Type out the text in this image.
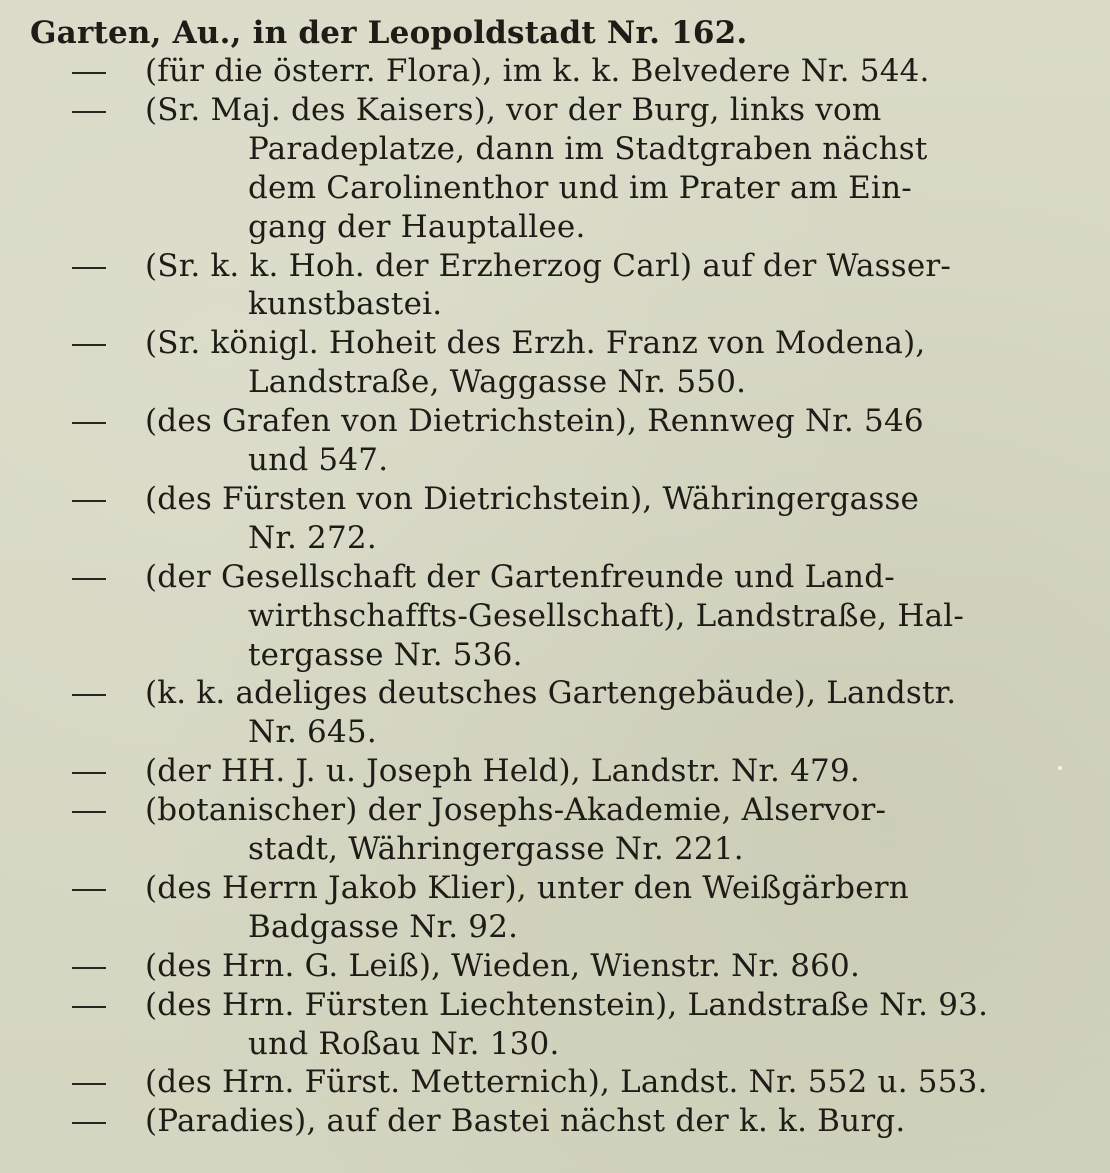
Garten, Au., in der Leopoldstadt Nr. 162.
(für die österr. Flora), im k. k. Belvedere Nr. 544.
(Sr. Maj. des Kaisers), vor der Burg, links vom
Paradeplatze, dann im Stadtgraben nächst
dem Carolinenthor und im Prater am Ein-
gang der Hauptallee.
(Sr. k. k. Hoh. der Erzherzog Carl) auf der Wasser-
kunstbastei.
(Sr. königl. Hoheit des Erzh. Franz von Modena),
Landstraße, Waggasse Nr. 550.
(des Grafen von Dietrichstein), Rennweg Nr. 546
und 547.
(des Fürsten von Dietrichstein), Währingergasse
Nr. 272.
(der Gesellschaft der Gartenfreunde und Land-
wirthschaffts-Gesellschaft), Landstraße, Hal-
tergasse Nr. 536.
(k. k. adeliges deutsches Gartengebäude), Landstr.
Nr. 645.
(der HH. J. u. Joseph Held), Landstr. Nr. 479.
(botanischer) der Josephs-Akademie, Alservor-
stadt, Währingergasse Nr. 221.
(des Herrn Jakob Klier), unter den Weißgärbern
Badgasse Nr. 92.
(des Hrn. G. Leiß), Wieden, Wienstr. Nr. 860.
(des Hrn. Fürsten Liechtenstein), Landstraße Nr. 93.
und Roßau Nr. 130.
(des Hrn. Fürst. Metternich), Landst. Nr. 552 u. 553.
(Paradies), auf der Bastei nächst der k. k. Burg.
